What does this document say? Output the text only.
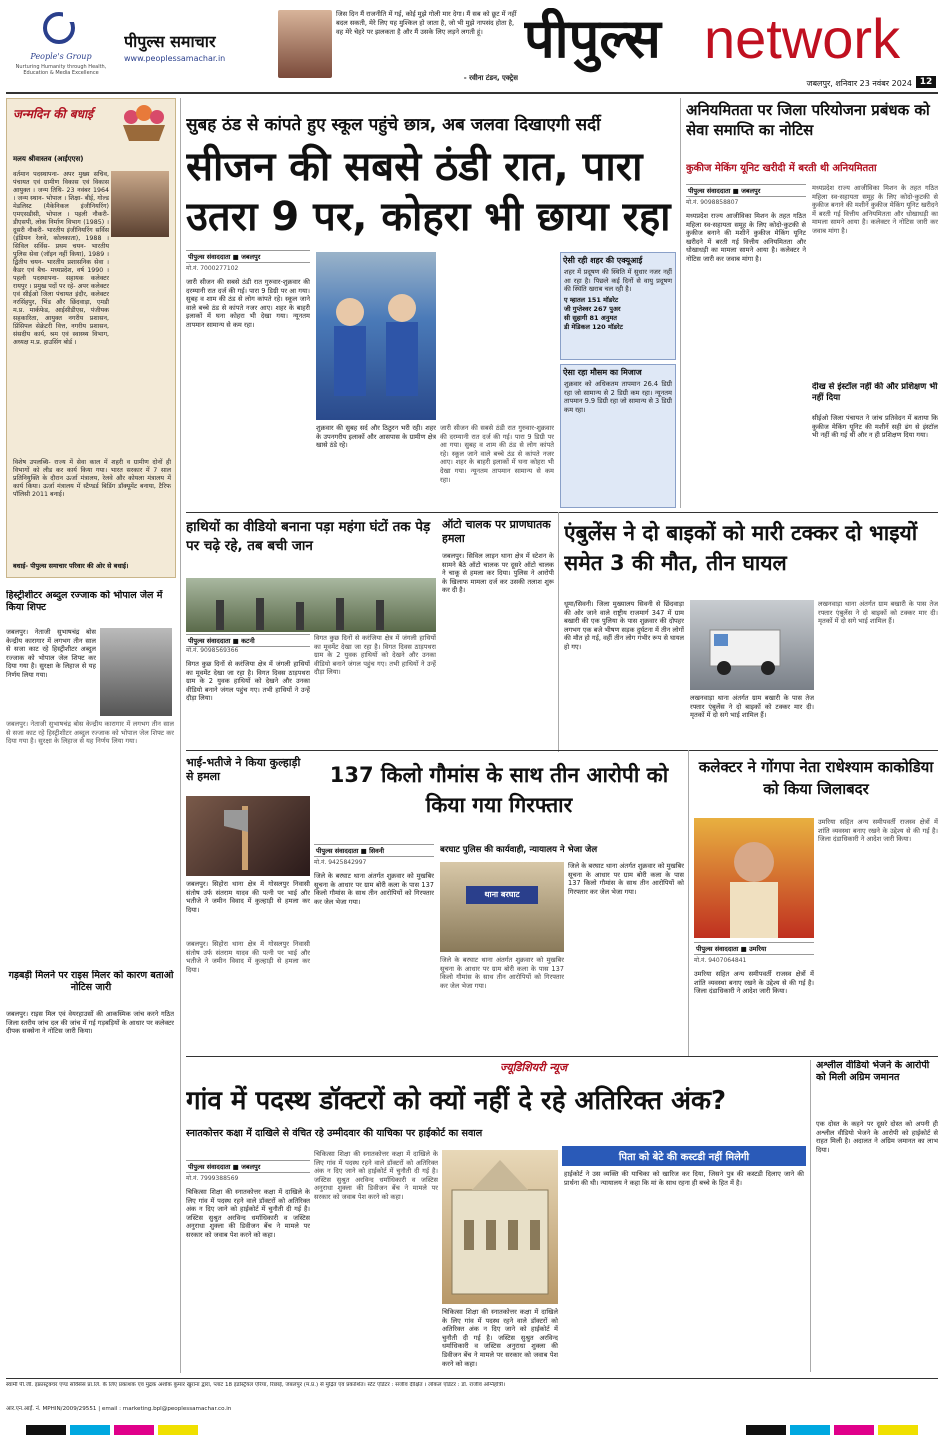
People's Group
Nurturing Humanity through Health, Education & Media Excellence
पीपुल्स समाचार
www.peoplessamachar.in
जिस दिन मैं राजनीति में गई, कोई मुझे गोली मार देगा। मैं सब को छूट में नहीं बदल सकती, मेरे लिए यह मुश्किल हो जाता है, जो भी मुझे नापसंद होता है, वह मेरे चेहरे पर झलकता है और मैं उसके लिए लड़ने लगती हूं।
- रवीना टंडन, एक्ट्रेस
पीपुल्स network
जबलपुर, शनिवार 23 नवंबर 2024 12
जन्मदिन की बधाई
मलय श्रीवास्तव (आईएएस)
वर्तमान पदस्थापना- अपर मुख्य सचिव, पंचायत एवं ग्रामीण विकास एवं विकास आयुक्त । जन्म तिथि- 23 नवंबर 1964 । जन्म स्थान- भोपाल । शिक्षा- बीई, गोल्ड मेडलिस्ट (मैकेनिकल इंजीनियरिंग) एमएसडीसी, भोपाल । पहली नौकरी- डीएसपी, लोक निर्माण विभाग (1985) । दूसरी नौकरी- भारतीय इंजीनियरिंग सर्विस (इंडियन रेलवे, कोलकाता), 1988 । सिविल सर्विस- प्रथम चयन- भारतीय पुलिस सेवा (जॉइन नहीं किया), 1989 । द्वितीय चयन- भारतीय प्रशासनिक सेवा । कैडर एवं बैच- मध्यप्रदेश, वर्ष 1990 । पहली पदस्थापना- सहायक कलेक्टर रायपुर । प्रमुख पदों पर रहे- अपर कलेक्टर एवं सीईओ जिला पंचायत इंदौर, कलेक्टर नरसिंहपुर, भिंड और छिंदवाड़ा, एमडी म.प्र. मार्कफेड, आईसीडीएस, पंजीयक सहकारिता, आयुक्त नगरीय प्रशासन, प्रिंसिपल सेक्रेटरी वित्त, नगरीय प्रशासन, संसदीय कार्य, श्रम एवं स्वास्थ्य विभाग, अध्यक्ष म.प्र. हाउसिंग बोर्ड ।
विशेष उपलब्धि- राज्य में सेवा काल में शहरी व ग्रामीण दोनों ही विभागों को लीड कर कार्य किया गया। भारत सरकार में 7 साल प्रतिनियुक्ति के दौरान ऊर्जा मंत्रालय, रेलवे और कोयला मंत्रालय में कार्य किया। ऊर्जा मंत्रालय में स्टैण्डर्ड बिडिंग डॉक्यूमेंट बनाया, टैरिफ पॉलिसी 2011 बनाई।
बधाई- पीपुल्स समाचार परिवार की ओर से बधाई।
हिस्ट्रीशीटर अब्दुल रज्जाक को भोपाल जेल में किया शिफ्ट
जबलपुर। नेताजी सुभाषचंद्र बोस केन्द्रीय कारागार में लगभग तीन साल से सजा काट रहे हिस्ट्रीशीटर अब्दुल रज्जाक को भोपाल जेल शिफ्ट कर दिया गया है। सुरक्षा के लिहाज से यह निर्णय लिया गया।
जबलपुर। नेताजी सुभाषचंद्र बोस केन्द्रीय कारागार में लगभग तीन साल से सजा काट रहे हिस्ट्रीशीटर अब्दुल रज्जाक को भोपाल जेल शिफ्ट कर दिया गया है। सुरक्षा के लिहाज से यह निर्णय लिया गया।
गड़बड़ी मिलने पर राइस मिलर को कारण बताओ नोटिस जारी
जबलपुर। राइस मिल एवं वेयरहाउसों की आकस्मिक जांच करने गठित जिला स्तरीय जांच दल की जांच में गई गड़बड़ियों के आधार पर कलेक्टर दीपक सक्सेना ने नोटिस जारी किया।
सुबह ठंड से कांपते हुए स्कूल पहुंचे छात्र, अब जलवा दिखाएगी सर्दी
सीजन की सबसे ठंडी रात, पारा उतरा 9 पर, कोहरा भी छाया रहा
पीपुल्स संवाददाता ■ जबलपुर
मो.नं. 7000277102
जारी सीजन की सबसे ठंडी रात गुरुवार-शुक्रवार की दरम्यानी रात दर्ज की गई। पारा 9 डिग्री पर आ गया। सुबह व शाम की ठंड से लोग कांपते रहे। स्कूल जाने वाले बच्चे ठंड से कांपते नजर आए। शहर के बाहरी इलाकों में घना कोहरा भी देखा गया। न्यूनतम तापमान सामान्य से कम रहा।
शुक्रवार की सुबह सर्द और ठिठुरन भरी रही। शहर के उपनगरीय इलाकों और आसपास के ग्रामीण क्षेत्र खासे ठंडे रहे।
जारी सीजन की सबसे ठंडी रात गुरुवार-शुक्रवार की दरम्यानी रात दर्ज की गई। पारा 9 डिग्री पर आ गया। सुबह व शाम की ठंड से लोग कांपते रहे। स्कूल जाने वाले बच्चे ठंड से कांपते नजर आए। शहर के बाहरी इलाकों में घना कोहरा भी देखा गया। न्यूनतम तापमान सामान्य से कम रहा।
ऐसी रही शहर की एक्यूआई
शहर में प्रदूषण की स्थिति में सुधार नजर नहीं आ रहा है। पिछले कई दिनों से वायु प्रदूषण की स्थिति खराब चल रही है।
ए म्हातल 151 मॉडरेट
जी गुप्तेश्वर 267 पुअर
सी सुहागी 81 अनुमत
डी मेडिकल 120 मॉडरेट
ऐसा रहा मौसम का मिजाज
शुक्रवार को अधिकतम तापमान 26.4 डिग्री रहा जो सामान्य से 2 डिग्री कम रहा। न्यूनतम तापमान 9.9 डिग्री रहा जो सामान्य से 3 डिग्री कम रहा।
अनियमितता पर जिला परियोजना प्रबंधक को सेवा समाप्ति का नोटिस
कुकीज मेकिंग यूनिट खरीदी में बरती थी अनियमितता
पीपुल्स संवाददाता ■ जबलपुर
मो.नं. 9098858807
मध्यप्रदेश राज्य आजीविका मिशन के तहत गठित महिला स्व-सहायता समूह के लिए कोदो-कुटकी से कुकीज बनाने की मशीनें कुकीज मेकिंग यूनिट खरीदने में बरती गई वित्तीय अनियमितता और धोखाधड़ी का मामला सामने आया है। कलेक्टर ने नोटिस जारी कर जवाब मांगा है।
मध्यप्रदेश राज्य आजीविका मिशन के तहत गठित महिला स्व-सहायता समूह के लिए कोदो-कुटकी से कुकीज बनाने की मशीनें कुकीज मेकिंग यूनिट खरीदने में बरती गई वित्तीय अनियमितता और धोखाधड़ी का मामला सामने आया है। कलेक्टर ने नोटिस जारी कर जवाब मांगा है।
दीख से इंस्टॉल नहीं की और प्रशिक्षण भी नहीं दिया
सीईओ जिला पंचायत ने जांच प्रतिवेदन में बताया कि कुकीज मेकिंग यूनिट की मशीनें सही ढंग से इंस्टॉल भी नहीं की गई थीं और न ही प्रशिक्षण दिया गया।
हाथियों का वीडियो बनाना पड़ा महंगा घंटों तक पेड़ पर चढ़े रहे, तब बची जान
पीपुल्स संवाददाता ■ कटनी
मो.नं. 9098569366
विगत कुछ दिनों से करंजिया क्षेत्र में जंगली हाथियों का मूवमेंट देखा जा रहा है। विगत दिवस ठाड़पथरा ग्राम के 2 युवक हाथियों को देखने और उनका वीडियो बनाने जंगल पहुंच गए। तभी हाथियों ने उन्हें दौड़ा लिया।
विगत कुछ दिनों से करंजिया क्षेत्र में जंगली हाथियों का मूवमेंट देखा जा रहा है। विगत दिवस ठाड़पथरा ग्राम के 2 युवक हाथियों को देखने और उनका वीडियो बनाने जंगल पहुंच गए। तभी हाथियों ने उन्हें दौड़ा लिया।
ऑटो चालक पर प्राणघातक हमला
जबलपुर। सिविल लाइन थाना क्षेत्र में स्टेशन के सामने बैठे ऑटो चालक पर दूसरे ऑटो चालक ने चाकू से हमला कर दिया। पुलिस ने आरोपी के खिलाफ मामला दर्ज कर उसकी तलाश शुरू कर दी है।
एंबुलेंस ने दो बाइकों को मारी टक्कर दो भाइयों समेत 3 की मौत, तीन घायल
धूमा/सिवनी। जिला मुख्यालय सिवनी से छिंदवाड़ा की ओर जाने वाले राष्ट्रीय राजमार्ग 347 में ग्राम बखारी की एक पुलिया के पास शुक्रवार की दोपहर लगभग एक बजे भीषण सड़क दुर्घटना में तीन लोगों की मौत हो गई, वहीं तीन लोग गंभीर रूप से घायल हो गए।
लखनवाड़ा थाना अंतर्गत ग्राम बखारी के पास तेज रफ्तार एंबुलेंस ने दो बाइकों को टक्कर मार दी। मृतकों में दो सगे भाई शामिल हैं।
लखनवाड़ा थाना अंतर्गत ग्राम बखारी के पास तेज रफ्तार एंबुलेंस ने दो बाइकों को टक्कर मार दी। मृतकों में दो सगे भाई शामिल हैं।
भाई-भतीजे ने किया कुल्हाड़ी से हमला
जबलपुर। सिहोरा थाना क्षेत्र में गोसलपुर निवासी संतोष उर्फ संतराम यादव की पत्नी पर भाई और भतीजे ने जमीन विवाद में कुल्हाड़ी से हमला कर दिया।
जबलपुर। सिहोरा थाना क्षेत्र में गोसलपुर निवासी संतोष उर्फ संतराम यादव की पत्नी पर भाई और भतीजे ने जमीन विवाद में कुल्हाड़ी से हमला कर दिया।
137 किलो गौमांस के साथ तीन आरोपी को किया गया गिरफ्तार
पीपुल्स संवाददाता ■ सिवनी
मो.नं. 9425842997
बरघाट पुलिस की कार्यवाही, न्यायालय ने भेजा जेल
जिले के बरघाट थाना अंतर्गत शुक्रवार को मुखबिर सूचना के आधार पर ग्राम बोरी कला के पास 137 किलो गौमांस के साथ तीन आरोपियों को गिरफ्तार कर जेल भेजा गया।
थाना बरघाट
जिले के बरघाट थाना अंतर्गत शुक्रवार को मुखबिर सूचना के आधार पर ग्राम बोरी कला के पास 137 किलो गौमांस के साथ तीन आरोपियों को गिरफ्तार कर जेल भेजा गया।
जिले के बरघाट थाना अंतर्गत शुक्रवार को मुखबिर सूचना के आधार पर ग्राम बोरी कला के पास 137 किलो गौमांस के साथ तीन आरोपियों को गिरफ्तार कर जेल भेजा गया।
कलेक्टर ने गोंगपा नेता राधेश्याम काकोडिया को किया जिलाबदर
पीपुल्स संवाददाता ■ उमरिया
मो.नं. 9407064841
उमरिया सहित अन्य समीपवर्ती राजस्व क्षेत्रों में शांति व्यवस्था बनाए रखने के उद्देश्य से की गई है। जिला दंडाधिकारी ने आदेश जारी किया।
उमरिया सहित अन्य समीपवर्ती राजस्व क्षेत्रों में शांति व्यवस्था बनाए रखने के उद्देश्य से की गई है। जिला दंडाधिकारी ने आदेश जारी किया।
ज्यूडिशियरी न्यूज
गांव में पदस्थ डॉक्टरों को क्यों नहीं दे रहे अतिरिक्त अंक?
स्नातकोत्तर कक्षा में दाखिले से वंचित रहे उम्मीदवार की याचिका पर हाईकोर्ट का सवाल
पीपुल्स संवाददाता ■ जबलपुर
मो.नं. 7999388569
चिकित्सा शिक्षा की स्नातकोत्तर कक्षा में दाखिले के लिए गांव में पदस्थ रहने वाले डॉक्टरों को अतिरिक्त अंक न दिए जाने को हाईकोर्ट में चुनौती दी गई है। जस्टिस सुश्रुत अरविन्द धर्माधिकारी व जस्टिस अनुराधा शुक्ला की डिवीजन बेंच ने मामले पर सरकार को जवाब पेश करने को कहा।
चिकित्सा शिक्षा की स्नातकोत्तर कक्षा में दाखिले के लिए गांव में पदस्थ रहने वाले डॉक्टरों को अतिरिक्त अंक न दिए जाने को हाईकोर्ट में चुनौती दी गई है। जस्टिस सुश्रुत अरविन्द धर्माधिकारी व जस्टिस अनुराधा शुक्ला की डिवीजन बेंच ने मामले पर सरकार को जवाब पेश करने को कहा।
चिकित्सा शिक्षा की स्नातकोत्तर कक्षा में दाखिले के लिए गांव में पदस्थ रहने वाले डॉक्टरों को अतिरिक्त अंक न दिए जाने को हाईकोर्ट में चुनौती दी गई है। जस्टिस सुश्रुत अरविन्द धर्माधिकारी व जस्टिस अनुराधा शुक्ला की डिवीजन बेंच ने मामले पर सरकार को जवाब पेश करने को कहा।
पिता को बेटे की कस्टडी नहीं मिलेगी
हाईकोर्ट ने उस व्यक्ति की याचिका को खारिज कर दिया, जिसने पुत्र की कस्टडी दिलाए जाने की प्रार्थना की थी। न्यायालय ने कहा कि मां के साथ रहना ही बच्चे के हित में है।
अश्लील वीडियो भेजने के आरोपी को मिली अग्रिम जमानत
एक दोस्त के कहने पर दूसरे दोस्त को अपनी ही अश्लील वीडियो भेजने के आरोपी को हाईकोर्ट से राहत मिली है। अदालत ने अग्रिम जमानत का लाभ दिया।
स्वामी पी.जी. इंफ्रास्ट्रक्चर एण्ड सर्विसेस प्रा.लि. के लिए प्रकाशक एवं मुद्रक अशोक कुमार खुराना द्वारा, प्लाट 18 इंडस्ट्रियल एरिया, रिछाई, जबलपुर (म.प्र.) से मुद्रित एवं प्रकाशित। स्टेट एडिटर : संजीव दीक्षित । लोकल एडिटर : डॉ. राजीव अग्निहोत्री।
आर.एन.आई. नं. MPHIN/2009/29551 | email : marketing.bpl@peoplessamachar.co.in
